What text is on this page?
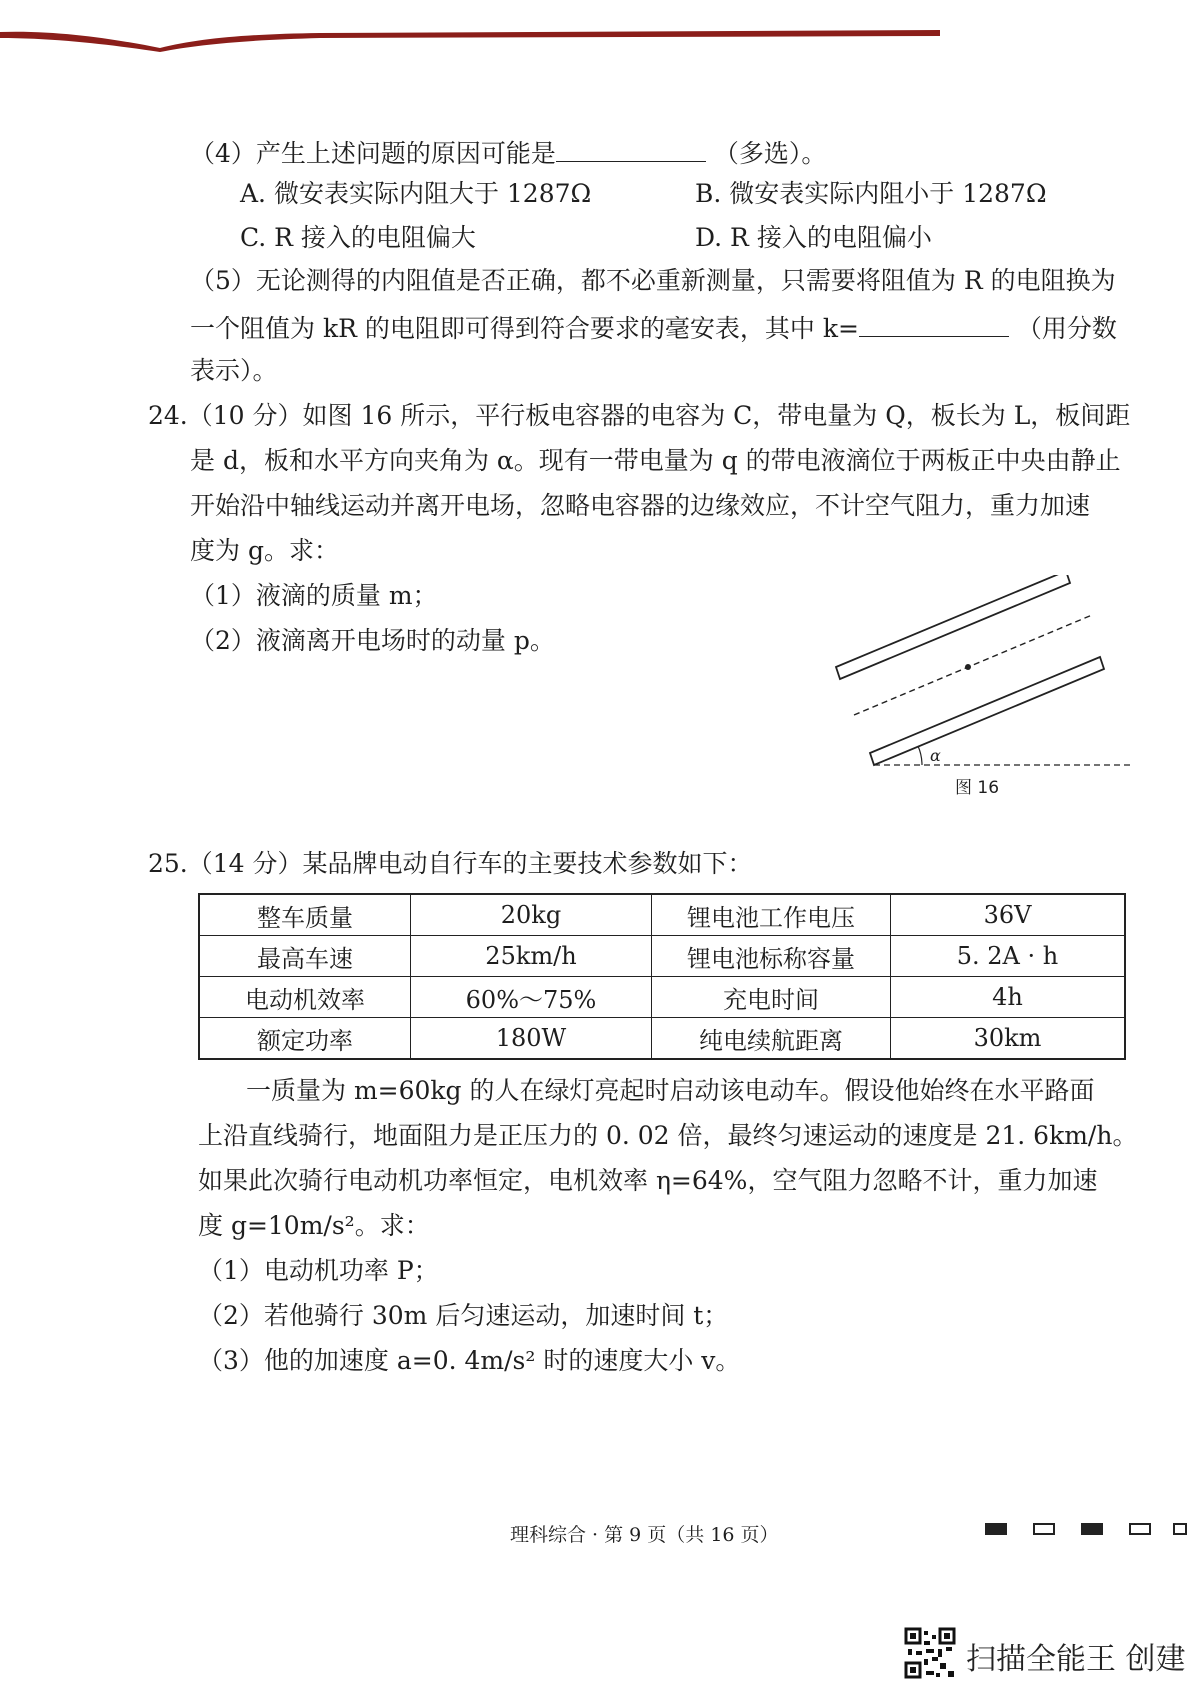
（4）产生上述问题的原因可能是	（多选）。
A. 微安表实际内阻大于 1287Ω	B. 微安表实际内阻小于 1287Ω
C. R 接入的电阻偏大	D. R 接入的电阻偏小
（5）无论测得的内阻值是否正确，都不必重新测量，只需要将阻值为 R 的电阻换为
一个阻值为 kR 的电阻即可得到符合要求的毫安表，其中 k=	（用分数
表示）。
24.（10 分）如图 16 所示，平行板电容器的电容为 C，带电量为 Q，板长为 L，板间距
是 d，板和水平方向夹角为 α。现有一带电量为 q 的带电液滴位于两板正中央由静止
开始沿中轴线运动并离开电场，忽略电容器的边缘效应，不计空气阻力，重力加速
度为 g。求：
（1）液滴的质量 m；
（2）液滴离开电场时的动量 p。
α
图 16
25.（14 分）某品牌电动自行车的主要技术参数如下：
整车质量	20kg	锂电池工作电压	36V
最高车速	25km/h	锂电池标称容量	5. 2A · h
电动机效率	60%～75%	充电时间	4h
额定功率	180W	纯电续航距离	30km
一质量为 m=60kg 的人在绿灯亮起时启动该电动车。假设他始终在水平路面
上沿直线骑行，地面阻力是正压力的 0. 02 倍，最终匀速运动的速度是 21. 6km/h。
如果此次骑行电动机功率恒定，电机效率 η=64%，空气阻力忽略不计，重力加速
度 g=10m/s²。求：
（1）电动机功率 P；
（2）若他骑行 30m 后匀速运动，加速时间 t；
（3）他的加速度 a=0. 4m/s² 时的速度大小 v。
理科综合 · 第 9 页（共 16 页）
扫描全能王 创建
